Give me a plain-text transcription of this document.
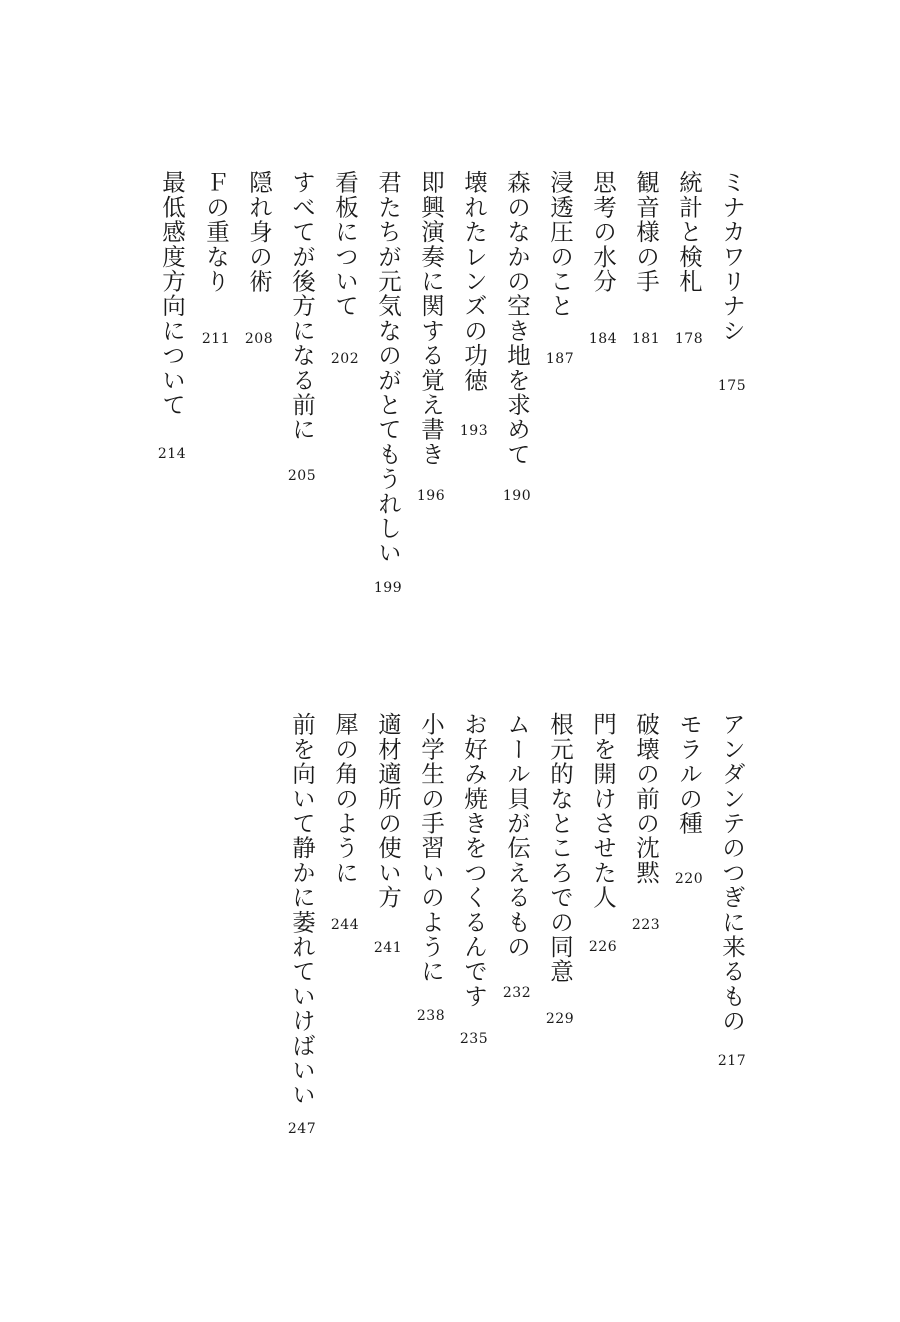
ミナカワリナシ
175
統計と検札
178
観音様の手
181
思考の水分
184
浸透圧のこと
187
森のなかの空き地を求めて
190
壊れたレンズの功徳
193
即興演奏に関する覚え書き
196
君たちが元気なのがとてもうれしい
199
看板について
202
すべてが後方になる前に
205
隠れ身の術
208
Ｆの重なり
211
最低感度方向について
214
アンダンテのつぎに来るもの
217
モラルの種
220
破壊の前の沈黙
223
門を開けさせた人
226
根元的なところでの同意
229
ムール貝が伝えるもの
232
お好み焼きをつくるんです
235
小学生の手習いのように
238
適材適所の使い方
241
犀の角のように
244
前を向いて静かに萎れていけばいい
247
